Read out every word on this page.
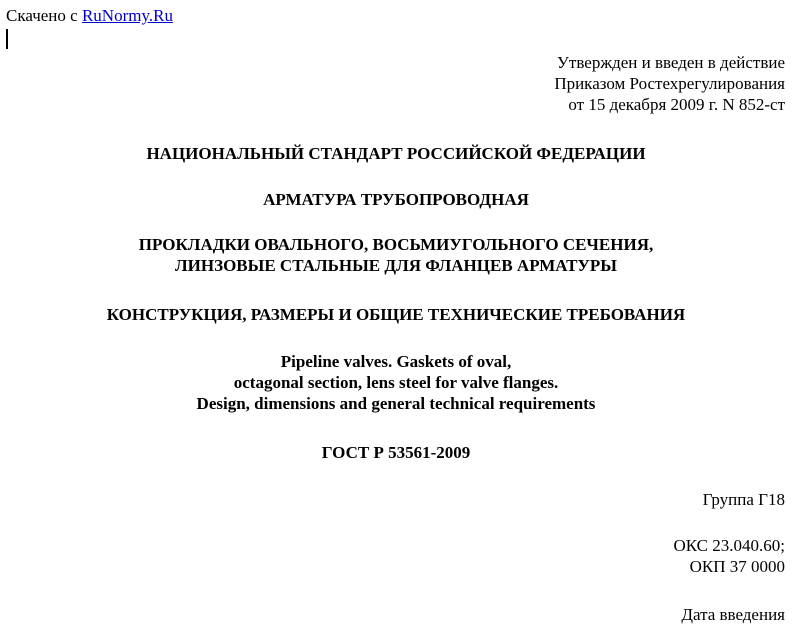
Скачено с RuNormy.Ru
Утвержден и введен в действие
Приказом Ростехрегулирования
от 15 декабря 2009 г. N 852-ст
НАЦИОНАЛЬНЫЙ СТАНДАРТ РОССИЙСКОЙ ФЕДЕРАЦИИ
АРМАТУРА ТРУБОПРОВОДНАЯ
ПРОКЛАДКИ ОВАЛЬНОГО, ВОСЬМИУГОЛЬНОГО СЕЧЕНИЯ,
ЛИНЗОВЫЕ СТАЛЬНЫЕ ДЛЯ ФЛАНЦЕВ АРМАТУРЫ
КОНСТРУКЦИЯ, РАЗМЕРЫ И ОБЩИЕ ТЕХНИЧЕСКИЕ ТРЕБОВАНИЯ
Pipeline valves. Gaskets of oval,
octagonal section, lens steel for valve flanges.
Design, dimensions and general technical requirements
ГОСТ Р 53561-2009
Группа Г18
ОКС 23.040.60;
ОКП 37 0000
Дата введения
